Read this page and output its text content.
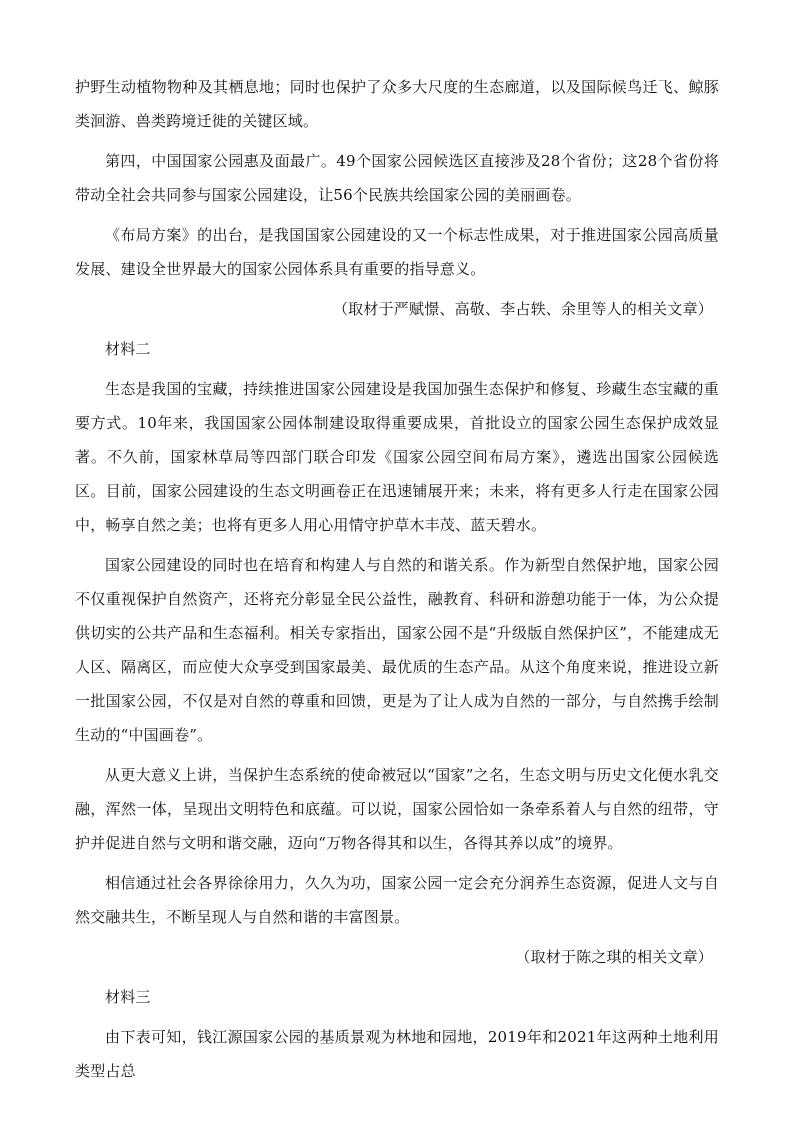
护野生动植物物种及其栖息地；同时也保护了众多大尺度的生态廊道，以及国际候鸟迁飞、鲸豚类洄游、兽类跨境迁徙的关键区域。

第四，中国国家公园惠及面最广。49个国家公园候选区直接涉及28个省份；这28个省份将带动全社会共同参与国家公园建设，让56个民族共绘国家公园的美丽画卷。

《布局方案》的出台，是我国国家公园建设的又一个标志性成果，对于推进国家公园高质量发展、建设全世界最大的国家公园体系具有重要的指导意义。

（取材于严赋憬、高敬、李占轶、余里等人的相关文章）

材料二

生态是我国的宝藏，持续推进国家公园建设是我国加强生态保护和修复、珍藏生态宝藏的重要方式。10年来，我国国家公园体制建设取得重要成果，首批设立的国家公园生态保护成效显著。不久前，国家林草局等四部门联合印发《国家公园空间布局方案》，遴选出国家公园候选区。目前，国家公园建设的生态文明画卷正在迅速铺展开来；未来，将有更多人行走在国家公园中，畅享自然之美；也将有更多人用心用情守护草木丰茂、蓝天碧水。

国家公园建设的同时也在培育和构建人与自然的和谐关系。作为新型自然保护地，国家公园不仅重视保护自然资产，还将充分彰显全民公益性，融教育、科研和游憩功能于一体，为公众提供切实的公共产品和生态福利。相关专家指出，国家公园不是“升级版自然保护区”，不能建成无人区、隔离区，而应使大众享受到国家最美、最优质的生态产品。从这个角度来说，推进设立新一批国家公园，不仅是对自然的尊重和回馈，更是为了让人成为自然的一部分，与自然携手绘制生动的“中国画卷”。

从更大意义上讲，当保护生态系统的使命被冠以“国家”之名，生态文明与历史文化便水乳交融，浑然一体，呈现出文明特色和底蕴。可以说，国家公园恰如一条牵系着人与自然的纽带，守护并促进自然与文明和谐交融，迈向“万物各得其和以生，各得其养以成”的境界。

相信通过社会各界徐徐用力，久久为功，国家公园一定会充分润养生态资源，促进人文与自然交融共生，不断呈现人与自然和谐的丰富图景。

（取材于陈之琪的相关文章）

材料三

由下表可知，钱江源国家公园的基质景观为林地和园地，2019年和2021年这两种土地利用类型占总
